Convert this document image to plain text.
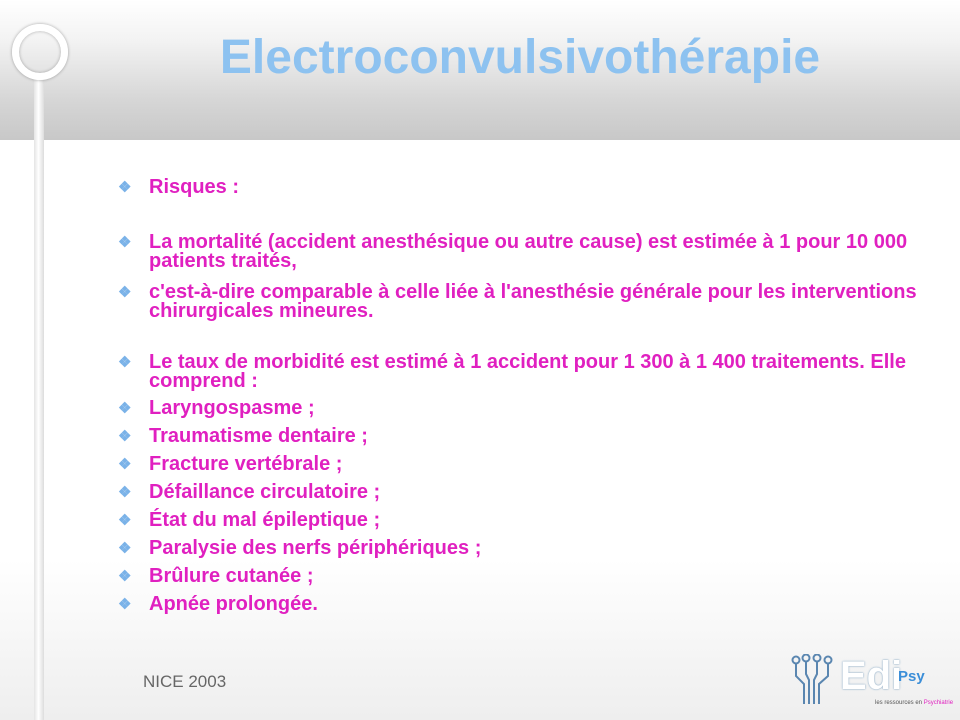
Electroconvulsivothérapie
❖ Risques :
❖ La mortalité (accident anesthésique ou autre cause) est estimée à 1 pour 10 000 patients traités,
❖ c'est-à-dire comparable à celle liée à l'anesthésie générale pour les interventions chirurgicales mineures.
❖ Le taux de morbidité est estimé à 1 accident pour 1 300 à 1 400 traitements. Elle comprend :
❖ Laryngospasme ;
❖ Traumatisme dentaire ;
❖ Fracture vertébrale ;
❖ Défaillance circulatoire ;
❖ État du mal épileptique ;
❖ Paralysie des nerfs périphériques ;
❖ Brûlure cutanée ;
❖ Apnée prolongée.
NICE 2003	Edi
Psy
les ressources en Psychiatrie
